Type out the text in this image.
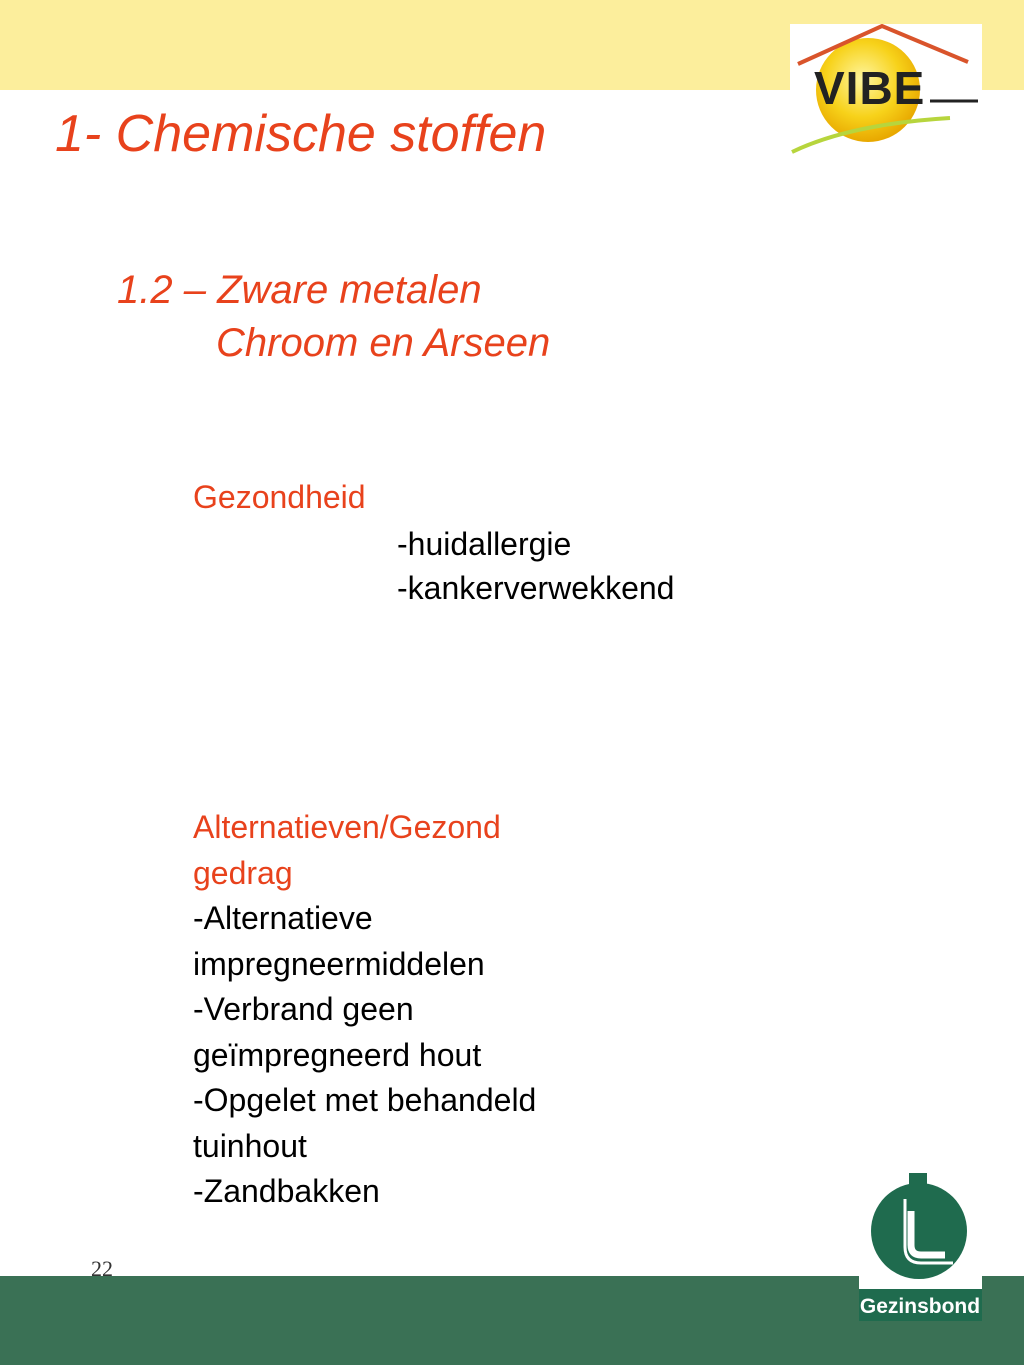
1- Chemische stoffen
1.2 – Zware metalen
Chroom en Arseen
Gezondheid
-huidallergie
-kankerverwekkend
Alternatieven/Gezond
gedrag
-Alternatieve
impregneermiddelen
-Verbrand geen
geïmpregneerd hout
-Opgelet met behandeld
tuinhout
-Zandbakken
22
VIBE
Gezinsbond
